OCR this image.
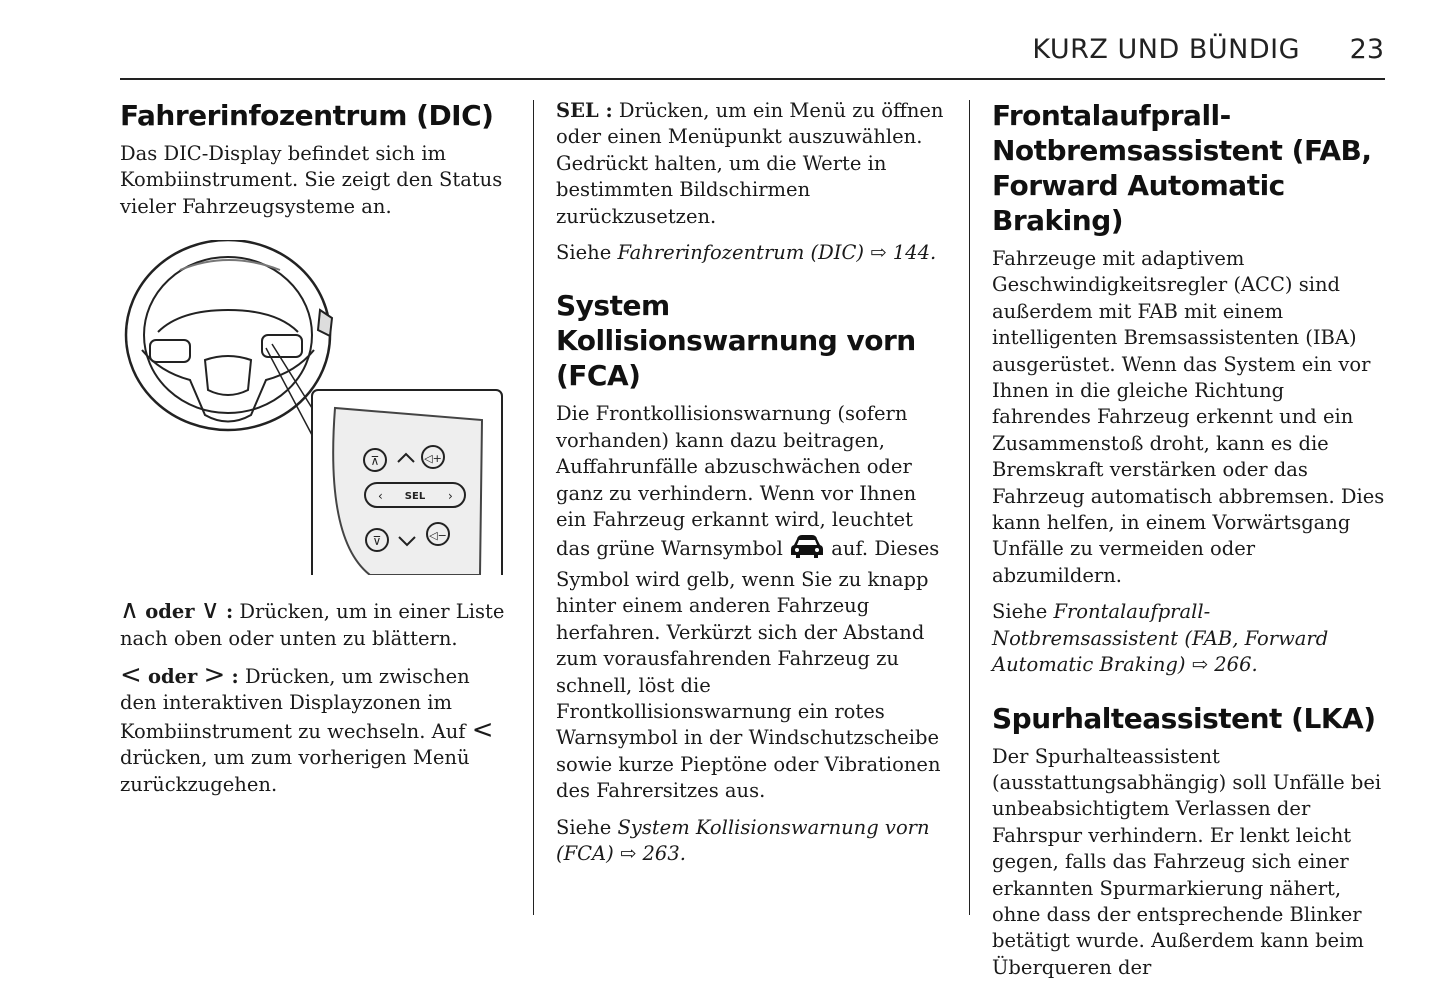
KURZ UND BÜNDIG 23
Fahrerinfozentrum (DIC)

Das DIC-Display befindet sich im Kombiinstrument. Sie zeigt den Status vieler Fahrzeugsysteme an.

⊼	◁+
‹ SEL ›
⊽	◁−

∧ oder ∨ : Drücken, um in einer Liste nach oben oder unten zu blättern.

< oder > : Drücken, um zwischen den interaktiven Displayzonen im Kombiinstrument zu wechseln. Auf < drücken, um zum vorherigen Menü zurückzugehen.

SEL : Drücken, um ein Menü zu öffnen oder einen Menüpunkt auszuwählen. Gedrückt halten, um die Werte in bestimmten Bildschirmen zurückzusetzen.

Siehe Fahrerinfozentrum (DIC) ⇨ 144.

System Kollisionswarnung vorn (FCA)

Die Frontkollisionswarnung (sofern vorhanden) kann dazu beitragen, Auffahrunfälle abzuschwächen oder ganz zu verhindern. Wenn vor Ihnen ein Fahrzeug erkannt wird, leuchtet das grüne Warnsymbol auf. Dieses Symbol wird gelb, wenn Sie zu knapp hinter einem anderen Fahrzeug herfahren. Verkürzt sich der Abstand zum vorausfahrenden Fahrzeug zu schnell, löst die Frontkollisionswarnung ein rotes Warnsymbol in der Windschutzscheibe sowie kurze Pieptöne oder Vibrationen des Fahrersitzes aus.

Siehe System Kollisionswarnung vorn (FCA) ⇨ 263.

Frontalaufprall-Notbremsassistent (FAB, Forward Automatic Braking)

Fahrzeuge mit adaptivem Geschwindigkeitsregler (ACC) sind außerdem mit FAB mit einem intelligenten Bremsassistenten (IBA) ausgerüstet. Wenn das System ein vor Ihnen in die gleiche Richtung fahrendes Fahrzeug erkennt und ein Zusammenstoß droht, kann es die Bremskraft verstärken oder das Fahrzeug automatisch abbremsen. Dies kann helfen, in einem Vorwärtsgang Unfälle zu vermeiden oder abzumildern.

Siehe Frontalaufprall-Notbremsassistent (FAB, Forward Automatic Braking) ⇨ 266.

Spurhalteassistent (LKA)

Der Spurhalteassistent (ausstattungsabhängig) soll Unfälle bei unbeabsichtigtem Verlassen der Fahrspur verhindern. Er lenkt leicht gegen, falls das Fahrzeug sich einer erkannten Spurmarkierung nähert, ohne dass der entsprechende Blinker betätigt wurde. Außerdem kann beim Überqueren der
